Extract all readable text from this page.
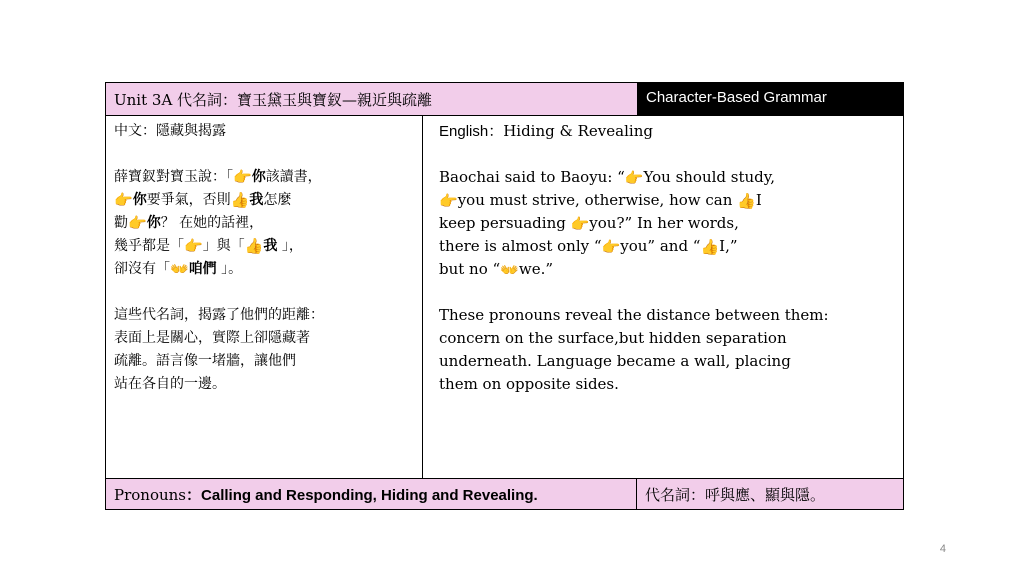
Unit 3A 代名詞：寶玉黛玉與寶釵—親近與疏離	Character-Based Grammar

中文：隱藏與揭露

薛寶釵對寶玉說：「👉你該讀書，

👉你要爭氣，否則👍我怎麼

勸👉你？ 在她的話裡，

幾乎都是「👉」與「👍我 」，

卻沒有「👐咱們 」。

這些代名詞，揭露了他們的距離：

表面上是關心，實際上卻隱藏著

疏離。語言像一堵牆，讓他們

站在各自的一邊。

English：Hiding & Revealing

Baochai said to Baoyu: “👉You should study,

👉you must strive, otherwise, how can 👍I

keep persuading 👉you?” In her words,

there is almost only “👉you” and “👍I,”

but no “👐we.”

These pronouns reveal the distance between them:

concern on the surface,but hidden separation

underneath. Language became a wall, placing

them on opposite sides.

Pronouns：Calling and Responding, Hiding and Revealing.	代名詞：呼與應、顯與隱。
4
